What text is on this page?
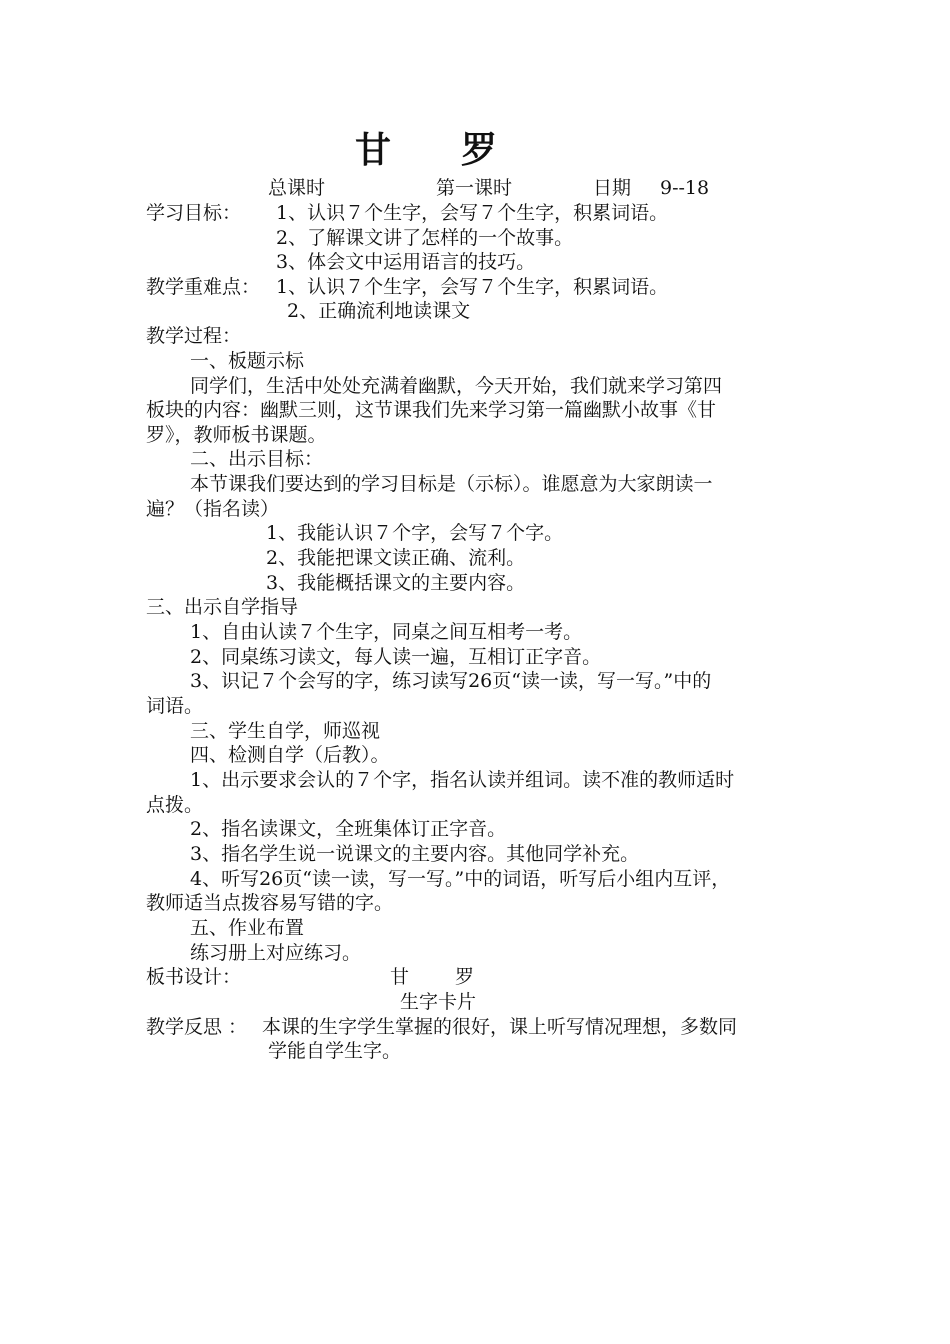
甘 罗
总课时	第一课时	日期 9--18
学习目标： 1、认识７个生字，会写７个生字，积累词语。
2、了解课文讲了怎样的一个故事。
3、体会文中运用语言的技巧。
教学重难点： 1、认识７个生字，会写７个生字，积累词语。
2、正确流利地读课文
教学过程：
一、板题示标
同学们，生活中处处充满着幽默，今天开始，我们就来学习第四
板块的内容：幽默三则，这节课我们先来学习第一篇幽默小故事《甘
罗》，教师板书课题。
二、出示目标：
本节课我们要达到的学习目标是（示标）。谁愿意为大家朗读一
遍？（指名读）
1、我能认识７个字，会写７个字。
2、我能把课文读正确、流利。
3、我能概括课文的主要内容。
三、出示自学指导
1、自由认读７个生字，同桌之间互相考一考。
2、同桌练习读文，每人读一遍，互相订正字音。
3、识记７个会写的字，练习读写26页“读一读，写一写。”中的
词语。
三、学生自学，师巡视
四、检测自学（后教）。
1、出示要求会认的７个字，指名认读并组词。读不准的教师适时
点拨。
2、指名读课文，全班集体订正字音。
3、指名学生说一说课文的主要内容。其他同学补充。
4、听写26页“读一读，写一写。”中的词语，听写后小组内互评，
教师适当点拨容易写错的字。
五、作业布置
练习册上对应练习。
板书设计：	甘 罗
生字卡片
教学反思 ： 本课的生字学生掌握的很好，课上听写情况理想，多数同
学能自学生字。
